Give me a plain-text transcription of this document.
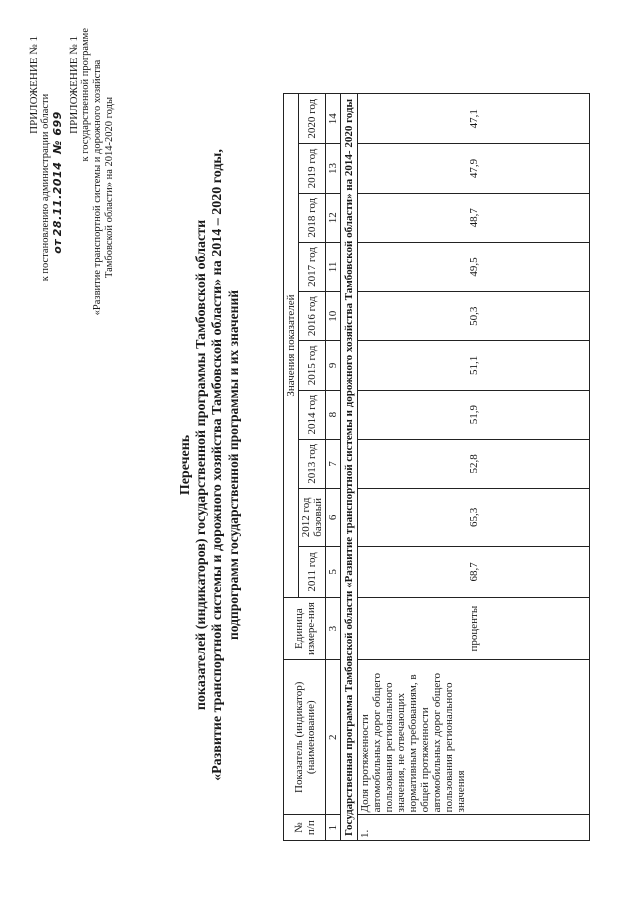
ПРИЛОЖЕНИЕ № 1
к постановлению администрации области от 28.11.2014   № 699 ПРИЛОЖЕНИЕ № 1 к государственной программе «Развитие транспортной системы и дорожного хозяйства Тамбовской области» на 2014-2020 годы
Перечень показателей (индикаторов) государственной программы Тамбовской области «Развитие транспортной системы и дорожного хозяйства Тамбовской области» на 2014 – 2020 годы, подпрограмм государственной программы и их значений
№ п/п	Показатель (индикатор) (наименование)	Единица измере-ния	Значения показателей									
			2011 год	2012 год базовый	2013 год	2014 год	2015 год	2016 год	2017 год	2018 год	2019 год	2020 год
1	2	3	5	6	7	8	9	10	11	12	13	14
Государственная программа Тамбовской области «Развитие транспортной системы и дорожного хозяйства Тамбовской области» на 2014- 2020 годы												
1.	Доля протяженности автомобильных дорог общего пользования регионального значения, не отвечающих нормативным требованиям, в общей протяженности автомобильных дорог общего пользования регионального значения	проценты	68,7	65,3	52,8	51,9	51,1	50,3	49,5	48,7	47,9	47,1
